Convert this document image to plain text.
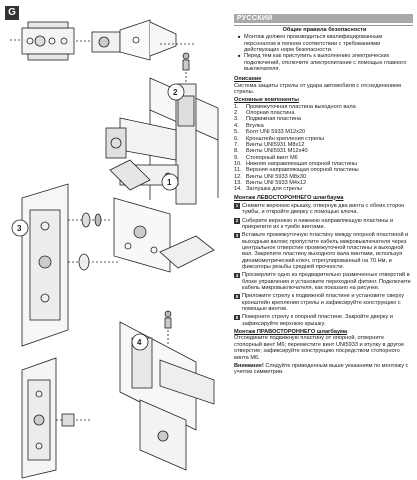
G
2
1
3
4
РУССКИЙ
Общие правила безопасности
■ Монтаж должен производиться квалифицированным персоналом в полном соответствии с требованиями действующих норм безопасности.
■ Перед тем как приступить к выполнению электрических подключений, отключите электропитание с помощью главного выключателя.
Описание
Система защиты стрелы от удара автомобиля с отсоединением стрелы.
Основные компоненты
1.	Промежуточная пластина выходного вала
2.	Опорная пластина
3.	Подвижная пластина
4.	Втулка
5.	Болт UNI 5933 M12x20
6.	Кронштейн крепления стрелы
7.	Винты UNI5931 M8x12
8.	Винты UNI5931 M12x40
9.	Стопорный винт M6
10. Нижняя направляющая опорной пластины
11. Верхняя направляющая опорной пластины
12. Винты UNI 5933 M8x30
13. Винты UNI 5933 M4x12
14. Заглушка для стрелы
Монтаж ЛЕВОСТОРОННЕГО шлагбаума
1 Снимите верхнюю крышку, отвернув два винта с обеих сторон тумбы, и откройте дверку с помощью ключа.
2 Соберите верхнюю и нижнюю направляющую пластины и прикрепите их к тумбе винтами.
3 Вставьте промежуточную пластину между опорной пластиной и выходным валом; пропустите кабель микровыключателя через центральное отверстие промежуточной пластины и выходной вал. Закрепите пластину выходного вала винтами, используя динамометрический ключ, отрегулированный на 70 Нм, и фиксаторы резьбы средней прочности.
4 Просверлите одно из предварительно размеченных отверстий в блоке управления и установите переходной фитинг. Подключите кабель микровыключателя, как показано на рисунке.
5 Приложите стрелу к подвижной пластине и установите сверху кронштейн крепления стрелы и зафиксируйте конструкцию с помощью винтов.
6 Поверните стрелу к опорной пластине. Закройте дверку и зафиксируйте верхнюю крышку.
Монтаж ПРАВОСТОРОННЕГО шлагбаума
Отсоедините подвижную пластину от опорной, отверните стопорный винт M6; переместите винт UNI5933 и втулку в другое отверстие; зафиксируйте конструкцию посредством стопорного винта M6.
Внимание! Следуйте приведенным выше указаниям по монтажу с учетом симметрии.
